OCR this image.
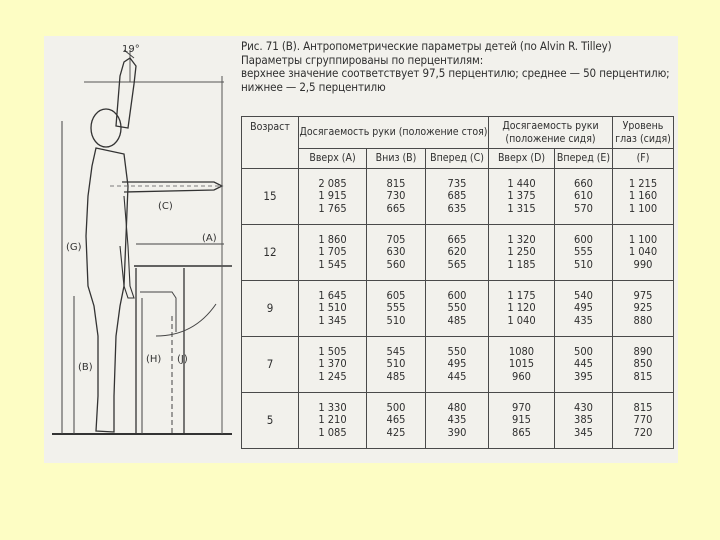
19°
(C)
(A)
(G)
(H) (J)
(B)
Рис. 71 (В). Антропометрические параметры детей (по Alvin R. Tilley)
Параметры сгруппированы по перцентилям:
верхнее значение соответствует 97,5 перцентилю; среднее — 50 перцентилю;
нижнее — 2,5 перцентилю
Возраст	Досягаемость руки (положение стоя)			Досягаемость руки (положение сидя)		Уровень глаз (сидя)
	Вверх (A)	Вниз (B)	Вперед (C)	Вверх (D)	Вперед (E)	(F)
15	2 085
1 915
1 765	815
730
665	735
685
635	1 440
1 375
1 315	660
610
570	1 215
1 160
1 100

12	1 860
1 705
1 545	705
630
560	665
620
565	1 320
1 250
1 185	600
555
510	1 100
1 040
990

9	1 645
1 510
1 345	605
555
510	600
550
485	1 175
1 120
1 040	540
495
435	975
925
880

7	1 505
1 370
1 245	545
510
485	550
495
445	1080
1015
960	500
445
395	890
850
815

5	1 330
1 210
1 085	500
465
425	480
435
390	970
915
865	430
385
345	815
770
720
